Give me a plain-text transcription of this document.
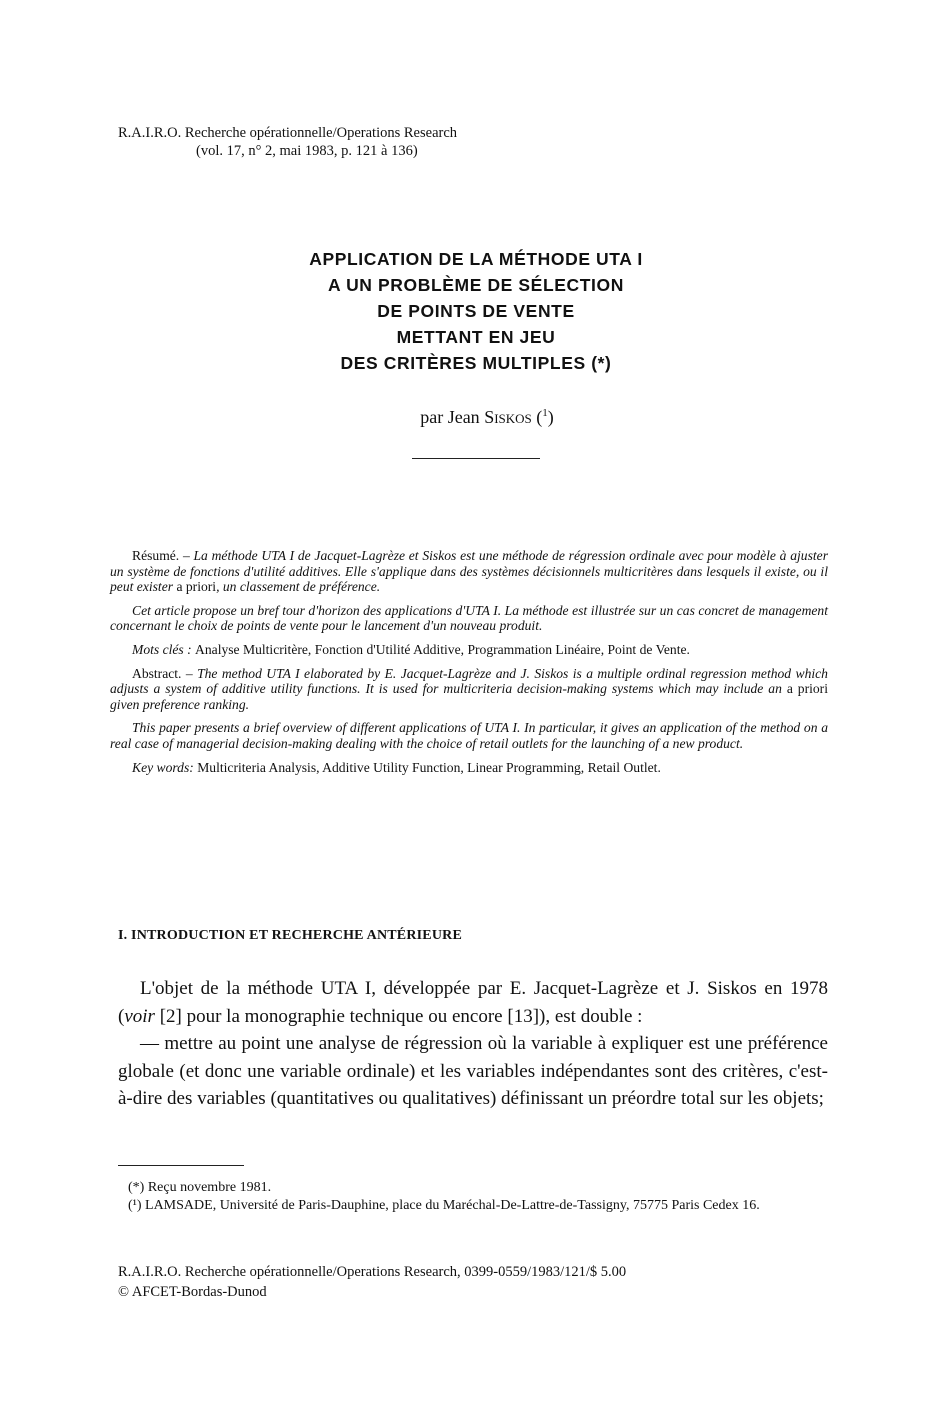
R.A.I.R.O. Recherche opérationnelle/Operations Research
(vol. 17, n° 2, mai 1983, p. 121 à 136)
APPLICATION DE LA MÉTHODE UTA I
A UN PROBLÈME DE SÉLECTION
DE POINTS DE VENTE
METTANT EN JEU
DES CRITÈRES MULTIPLES (*)
par Jean Siskos ($^1$)

Résumé. – La méthode UTA I de Jacquet-Lagrèze et Siskos est une méthode de régression ordinale avec pour modèle à ajuster un système de fonctions d'utilité additives. Elle s'applique dans des systèmes décisionnels multicritères dans lesquels il existe, ou il peut exister a priori, un classement de préférence.

Cet article propose un bref tour d'horizon des applications d'UTA I. La méthode est illustrée sur un cas concret de management concernant le choix de points de vente pour le lancement d'un nouveau produit.

Mots clés : Analyse Multicritère, Fonction d'Utilité Additive, Programmation Linéaire, Point de Vente.

Abstract. – The method UTA I elaborated by E. Jacquet-Lagrèze and J. Siskos is a multiple ordinal regression method which adjusts a system of additive utility functions. It is used for multicriteria decision-making systems which may include an a priori given preference ranking.

This paper presents a brief overview of different applications of UTA I. In particular, it gives an application of the method on a real case of managerial decision-making dealing with the choice of retail outlets for the launching of a new product.

Key words: Multicriteria Analysis, Additive Utility Function, Linear Programming, Retail Outlet.

I. INTRODUCTION ET RECHERCHE ANTÉRIEURE

L'objet de la méthode UTA I, développée par E. Jacquet-Lagrèze et J. Siskos en 1978 (voir [2] pour la monographie technique ou encore [13]), est double :

— mettre au point une analyse de régression où la variable à expliquer est une préférence globale (et donc une variable ordinale) et les variables indépendantes sont des critères, c'est-à-dire des variables (quantitatives ou qualitatives) définissant un préordre total sur les objets;

(*) Reçu novembre 1981.

(¹) LAMSADE, Université de Paris-Dauphine, place du Maréchal-De-Lattre-de-Tassigny, 75775 Paris Cedex 16.

R.A.I.R.O. Recherche opérationnelle/Operations Research, 0399-0559/1983/121/$ 5.00

© AFCET-Bordas-Dunod
